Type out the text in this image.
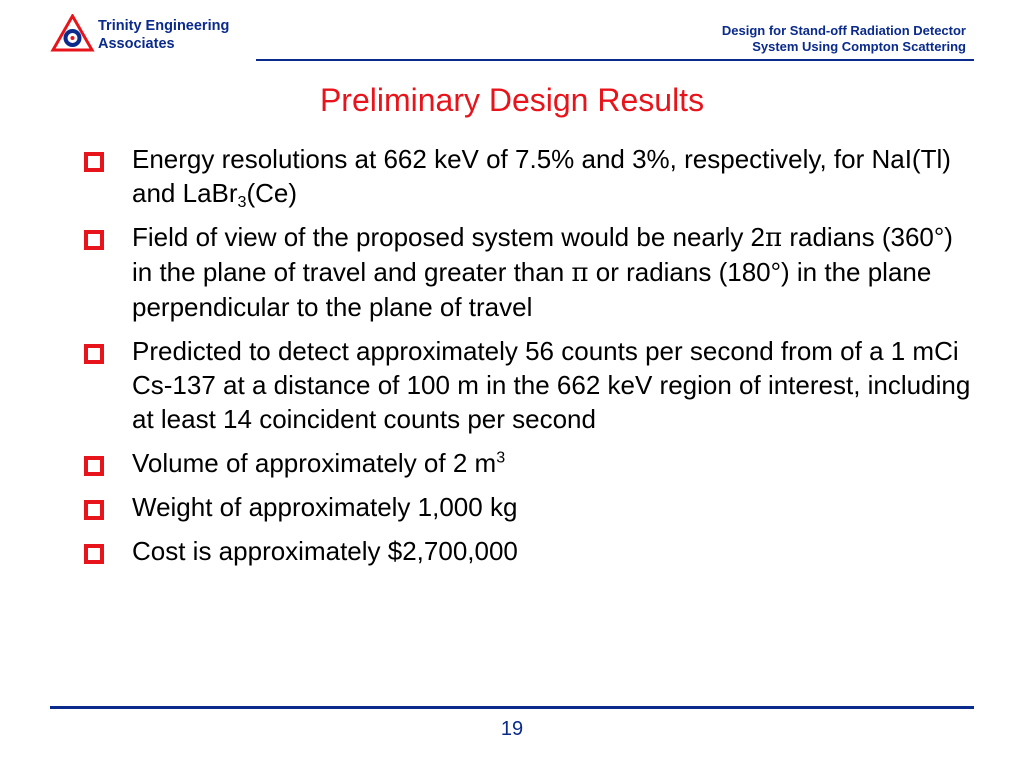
Trinity Engineering
Associates
Design for Stand-off Radiation Detector
System Using Compton Scattering
Preliminary Design Results
Energy resolutions at 662 keV of 7.5% and 3%, respectively, for NaI(Tl) and LaBr$_3$(Ce)
Field of view of the proposed system would be nearly 2π radians (360°) in the plane of travel and greater than π or radians (180°) in the plane perpendicular to the plane of travel
Predicted to detect approximately 56 counts per second from of a 1 mCi Cs-137 at a distance of 100 m in the 662 keV region of interest, including at least 14 coincident counts per second
Volume of approximately of 2 $m^3$
Weight of approximately 1,000 kg
Cost is approximately $2,700,000
19
